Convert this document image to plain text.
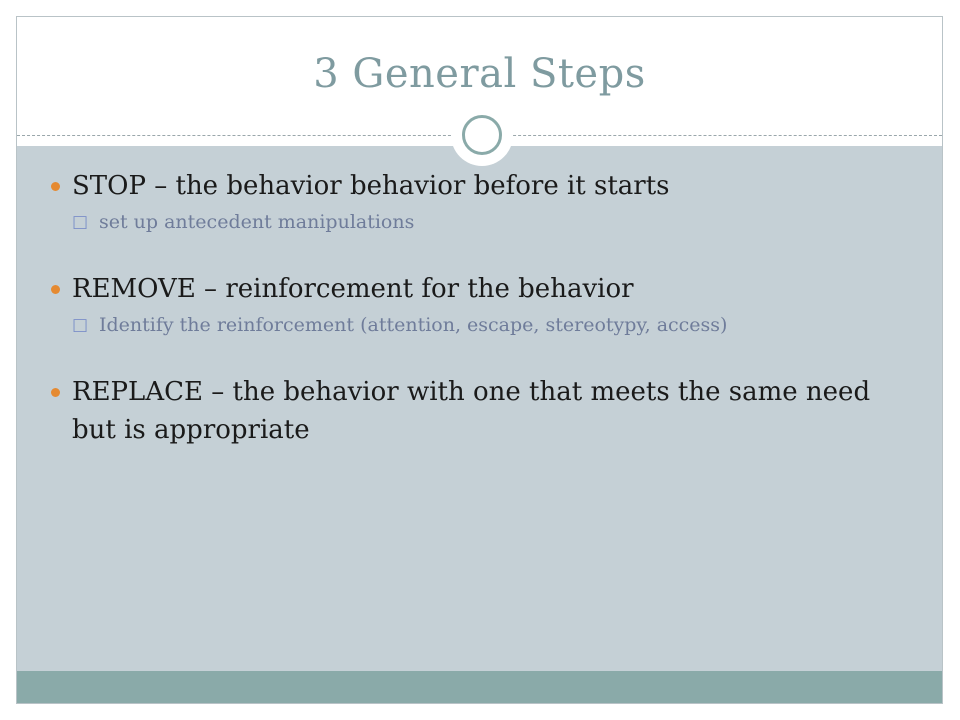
3 General Steps
STOP – the behavior behavior before it starts
□ set up antecedent manipulations
REMOVE – reinforcement for the behavior
□ Identify the reinforcement (attention, escape, stereotypy, access)
REPLACE – the behavior with one that meets the same need but is appropriate
